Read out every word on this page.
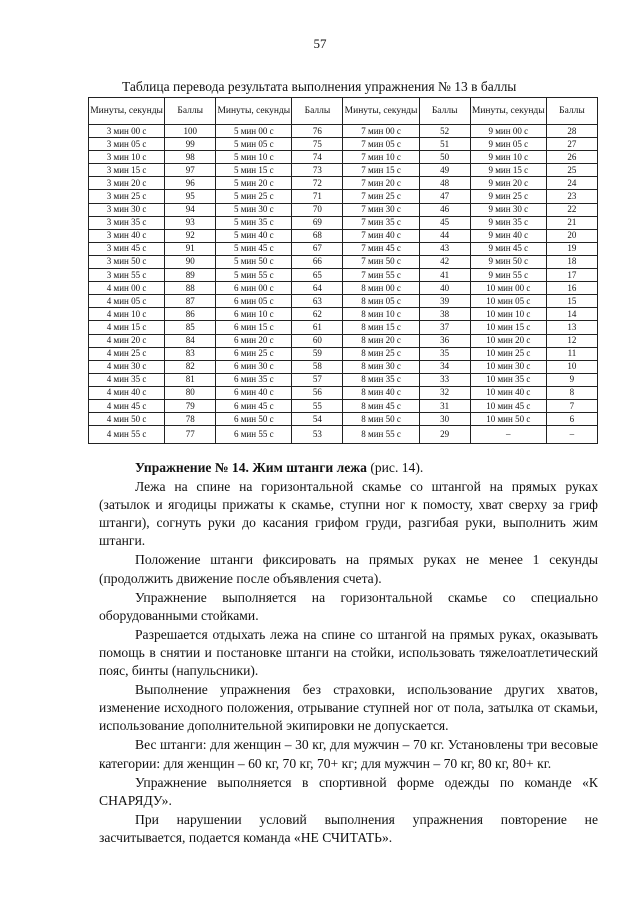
57
Таблица перевода результата выполнения упражнения № 13 в баллы
Минуты, секунды	Баллы	Минуты, секунды	Баллы	Минуты, секунды	Баллы	Минуты, секунды	Баллы
3 мин 00 с	100	5 мин 00 с	76	7 мин 00 с	52	9 мин 00 с	28
3 мин 05 с	99	5 мин 05 с	75	7 мин 05 с	51	9 мин 05 с	27
3 мин 10 с	98	5 мин 10 с	74	7 мин 10 с	50	9 мин 10 с	26
3 мин 15 с	97	5 мин 15 с	73	7 мин 15 с	49	9 мин 15 с	25
3 мин 20 с	96	5 мин 20 с	72	7 мин 20 с	48	9 мин 20 с	24
3 мин 25 с	95	5 мин 25 с	71	7 мин 25 с	47	9 мин 25 с	23
3 мин 30 с	94	5 мин 30 с	70	7 мин 30 с	46	9 мин 30 с	22
3 мин 35 с	93	5 мин 35 с	69	7 мин 35 с	45	9 мин 35 с	21
3 мин 40 с	92	5 мин 40 с	68	7 мин 40 с	44	9 мин 40 с	20
3 мин 45 с	91	5 мин 45 с	67	7 мин 45 с	43	9 мин 45 с	19
3 мин 50 с	90	5 мин 50 с	66	7 мин 50 с	42	9 мин 50 с	18
3 мин 55 с	89	5 мин 55 с	65	7 мин 55 с	41	9 мин 55 с	17
4 мин 00 с	88	6 мин 00 с	64	8 мин 00 с	40	10 мин 00 с	16
4 мин 05 с	87	6 мин 05 с	63	8 мин 05 с	39	10 мин 05 с	15
4 мин 10 с	86	6 мин 10 с	62	8 мин 10 с	38	10 мин 10 с	14
4 мин 15 с	85	6 мин 15 с	61	8 мин 15 с	37	10 мин 15 с	13
4 мин 20 с	84	6 мин 20 с	60	8 мин 20 с	36	10 мин 20 с	12
4 мин 25 с	83	6 мин 25 с	59	8 мин 25 с	35	10 мин 25 с	11
4 мин 30 с	82	6 мин 30 с	58	8 мин 30 с	34	10 мин 30 с	10
4 мин 35 с	81	6 мин 35 с	57	8 мин 35 с	33	10 мин 35 с	9
4 мин 40 с	80	6 мин 40 с	56	8 мин 40 с	32	10 мин 40 с	8
4 мин 45 с	79	6 мин 45 с	55	8 мин 45 с	31	10 мин 45 с	7
4 мин 50 с	78	6 мин 50 с	54	8 мин 50 с	30	10 мин 50 с	6
4 мин 55 с	77	6 мин 55 с	53	8 мин 55 с	29	–	–

Упражнение № 14. Жим штанги лежа (рис. 14).

Лежа на спине на горизонтальной скамье со штангой на прямых руках (затылок и ягодицы прижаты к скамье, ступни ног к помосту, хват сверху за гриф штанги), согнуть руки до касания грифом груди, разгибая руки, выполнить жим штанги.

Положение штанги фиксировать на прямых руках не менее 1 секунды (продолжить движение после объявления счета).

Упражнение выполняется на горизонтальной скамье со специально оборудованными стойками.

Разрешается отдыхать лежа на спине со штангой на прямых руках, оказывать помощь в снятии и постановке штанги на стойки, использовать тяжелоатлетический пояс, бинты (напульсники).

Выполнение упражнения без страховки, использование других хватов, изменение исходного положения, отрывание ступней ног от пола, затылка от скамьи, использование дополнительной экипировки не допускается.

Вес штанги: для женщин – 30 кг, для мужчин – 70 кг. Установлены три весовые категории: для женщин – 60 кг, 70 кг, 70+ кг; для мужчин – 70 кг, 80 кг, 80+ кг.

Упражнение выполняется в спортивной форме одежды по команде «К СНАРЯДУ».

При нарушении условий выполнения упражнения повторение не засчитывается, подается команда «НЕ СЧИТАТЬ».
